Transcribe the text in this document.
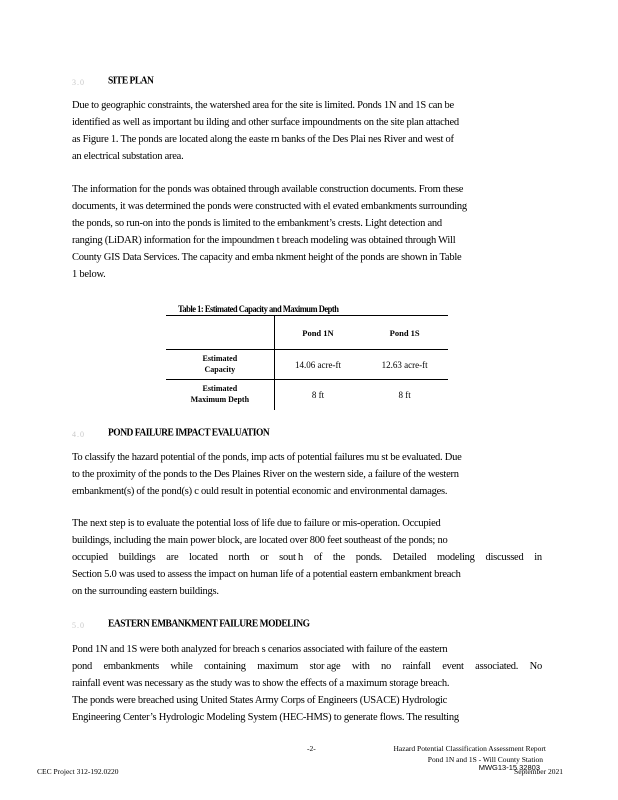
3.0 SITE PLAN
Due to geographic constraints, the watershed area for the site is limited. Ponds 1N and 1S can be
identified as well as important bu ilding and other surface impoundments on the site plan attached
as Figure 1. The ponds are located along the easte rn banks of the Des Plai nes River and west of
an electrical substation area.
The information for the ponds was obtained through available construction documents. From these
documents, it was determined the ponds were constructed with el evated embankments surrounding
the ponds, so run-on into the ponds is limited to the embankment’s crests. Light detection and
ranging (LiDAR) information for the impoundmen t breach modeling was obtained through Will
County GIS Data Services. The capacity and emba nkment height of the ponds are shown in Table
1 below.
Table 1: Estimated Capacity and Maximum Depth
	Pond 1N	Pond 1S

Estimated
Capacity	14.06 acre-ft	12.63 acre-ft

Estimated
Maximum Depth	8 ft	8 ft
4.0 POND FAILURE IMPACT EVALUATION
To classify the hazard potential of the ponds, imp acts of potential failures mu st be evaluated. Due
to the proximity of the ponds to the Des Plaines River on the western side, a failure of the western
embankment(s) of the pond(s) c ould result in potential economic and environmental damages.
The next step is to evaluate the potential loss of life due to failure or mis-operation. Occupied
buildings, including the main power block, are located over 800 feet southeast of the ponds; no
occupied buildings are located north or sout h of the ponds. Detailed modeling discussed in
Section 5.0 was used to assess the impact on human life of a potential eastern embankment breach
on the surrounding eastern buildings.
5.0 EASTERN EMBANKMENT FAILURE MODELING
Pond 1N and 1S were both analyzed for breach s cenarios associated with failure of the eastern
pond embankments while containing maximum stor age with no rainfall event associated. No
rainfall event was necessary as the study was to show the effects of a maximum storage breach.
The ponds were breached using United States Army Corps of Engineers (USACE) Hydrologic
Engineering Center’s Hydrologic Modeling System (HEC-HMS) to generate flows. The resulting
-2-	Hazard Potential Classification Assessment Report
Pond 1N and 1S - Will County Station
MWG13-15 32803
September 2021
CEC Project 312-192.0220
